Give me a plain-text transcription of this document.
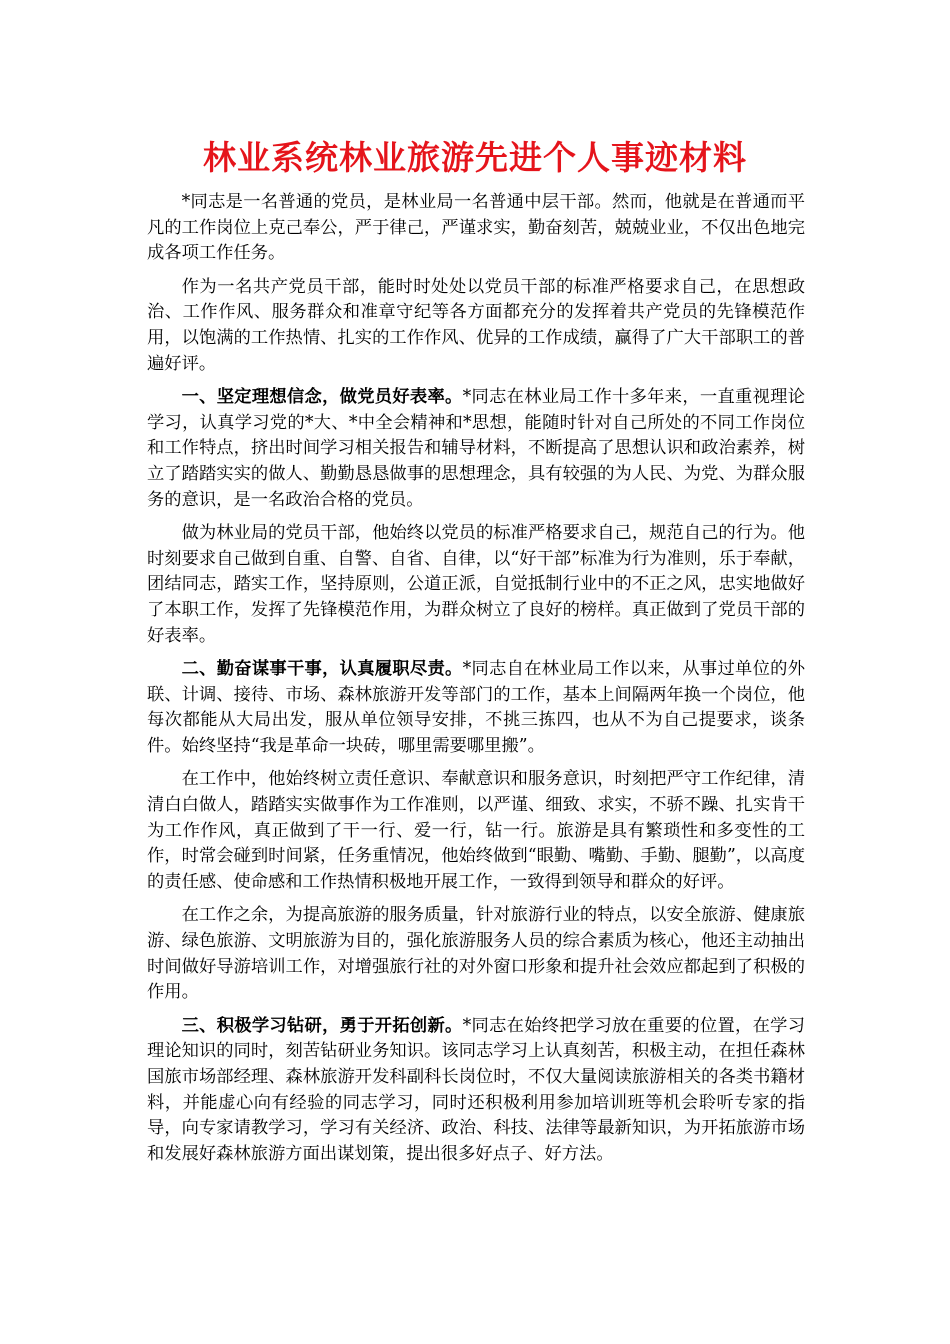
林业系统林业旅游先进个人事迹材料

*同志是一名普通的党员，是林业局一名普通中层干部。然而，他就是在普通而平凡的工作岗位上克己奉公，严于律己，严谨求实，勤奋刻苦，兢兢业业，不仅出色地完成各项工作任务。

作为一名共产党员干部，能时时处处以党员干部的标准严格要求自己，在思想政治、工作作风、服务群众和准章守纪等各方面都充分的发挥着共产党员的先锋模范作用，以饱满的工作热情、扎实的工作作风、优异的工作成绩，赢得了广大干部职工的普遍好评。

一、坚定理想信念，做党员好表率。*同志在林业局工作十多年来，一直重视理论学习，认真学习党的*大、*中全会精神和*思想，能随时针对自己所处的不同工作岗位和工作特点，挤出时间学习相关报告和辅导材料，不断提高了思想认识和政治素养，树立了踏踏实实的做人、勤勤恳恳做事的思想理念，具有较强的为人民、为党、为群众服务的意识，是一名政治合格的党员。

做为林业局的党员干部，他始终以党员的标准严格要求自己，规范自己的行为。他时刻要求自己做到自重、自警、自省、自律，以“好干部”标准为行为准则，乐于奉献，团结同志，踏实工作，坚持原则，公道正派，自觉抵制行业中的不正之风，忠实地做好了本职工作，发挥了先锋模范作用，为群众树立了良好的榜样。真正做到了党员干部的好表率。

二、勤奋谋事干事，认真履职尽责。*同志自在林业局工作以来，从事过单位的外联、计调、接待、市场、森林旅游开发等部门的工作，基本上间隔两年换一个岗位，他每次都能从大局出发，服从单位领导安排，不挑三拣四，也从不为自己提要求，谈条件。始终坚持“我是革命一块砖，哪里需要哪里搬”。

在工作中，他始终树立责任意识、奉献意识和服务意识，时刻把严守工作纪律，清清白白做人，踏踏实实做事作为工作准则，以严谨、细致、求实，不骄不躁、扎实肯干为工作作风，真正做到了干一行、爱一行，钻一行。旅游是具有繁琐性和多变性的工作，时常会碰到时间紧，任务重情况，他始终做到“眼勤、嘴勤、手勤、腿勤”，以高度的责任感、使命感和工作热情积极地开展工作，一致得到领导和群众的好评。

在工作之余，为提高旅游的服务质量，针对旅游行业的特点，以安全旅游、健康旅游、绿色旅游、文明旅游为目的，强化旅游服务人员的综合素质为核心，他还主动抽出时间做好导游培训工作，对增强旅行社的对外窗口形象和提升社会效应都起到了积极的作用。

三、积极学习钻研，勇于开拓创新。*同志在始终把学习放在重要的位置，在学习理论知识的同时，刻苦钻研业务知识。该同志学习上认真刻苦，积极主动，在担任森林国旅市场部经理、森林旅游开发科副科长岗位时，不仅大量阅读旅游相关的各类书籍材料，并能虚心向有经验的同志学习，同时还积极利用参加培训班等机会聆听专家的指导，向专家请教学习，学习有关经济、政治、科技、法律等最新知识，为开拓旅游市场和发展好森林旅游方面出谋划策，提出很多好点子、好方法。
